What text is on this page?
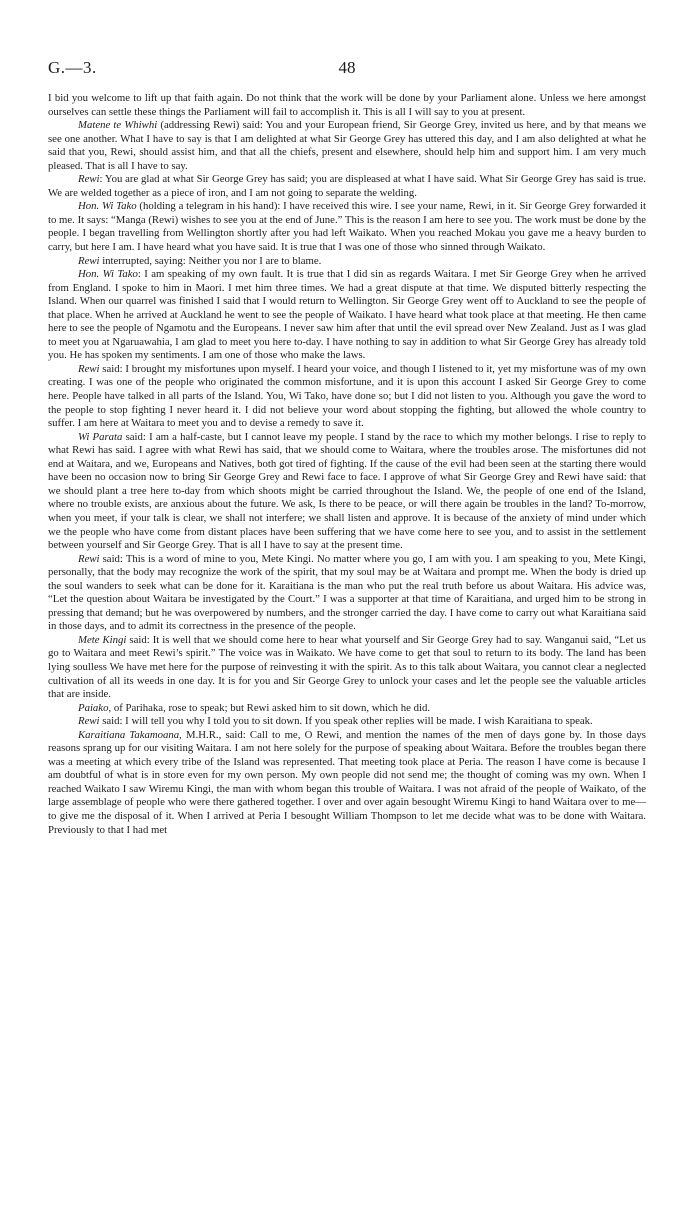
G.—3.	48

I bid you welcome to lift up that faith again. Do not think that the work will be done by your Parliament alone. Unless we here amongst ourselves can settle these things the Parliament will fail to accomplish it. This is all I will say to you at present.

Matene te Whiwhi (addressing Rewi) said: You and your European friend, Sir George Grey, invited us here, and by that means we see one another. What I have to say is that I am delighted at what Sir George Grey has uttered this day, and I am also delighted at what he said that you, Rewi, should assist him, and that all the chiefs, present and elsewhere, should help him and support him. I am very much pleased. That is all I have to say.

Rewi: You are glad at what Sir George Grey has said; you are displeased at what I have said. What Sir George Grey has said is true. We are welded together as a piece of iron, and I am not going to separate the welding.

Hon. Wi Tako (holding a telegram in his hand): I have received this wire. I see your name, Rewi, in it. Sir George Grey forwarded it to me. It says: “Manga (Rewi) wishes to see you at the end of June.” This is the reason I am here to see you. The work must be done by the people. I began travelling from Wellington shortly after you had left Waikato. When you reached Mokau you gave me a heavy burden to carry, but here I am. I have heard what you have said. It is true that I was one of those who sinned through Waikato.

Rewi interrupted, saying: Neither you nor I are to blame.

Hon. Wi Tako: I am speaking of my own fault. It is true that I did sin as regards Waitara. I met Sir George Grey when he arrived from England. I spoke to him in Maori. I met him three times. We had a great dispute at that time. We disputed bitterly respecting the Island. When our quarrel was finished I said that I would return to Wellington. Sir George Grey went off to Auckland to see the people of that place. When he arrived at Auckland he went to see the people of Waikato. I have heard what took place at that meeting. He then came here to see the people of Ngamotu and the Europeans. I never saw him after that until the evil spread over New Zealand. Just as I was glad to meet you at Ngaruawahia, I am glad to meet you here to-day. I have nothing to say in addition to what Sir George Grey has already told you. He has spoken my sentiments. I am one of those who make the laws.

Rewi said: I brought my misfortunes upon myself. I heard your voice, and though I listened to it, yet my misfortune was of my own creating. I was one of the people who originated the common misfortune, and it is upon this account I asked Sir George Grey to come here. People have talked in all parts of the Island. You, Wi Tako, have done so; but I did not listen to you. Although you gave the word to the people to stop fighting I never heard it. I did not believe your word about stopping the fighting, but allowed the whole country to suffer. I am here at Waitara to meet you and to devise a remedy to save it.

Wi Parata said: I am a half-caste, but I cannot leave my people. I stand by the race to which my mother belongs. I rise to reply to what Rewi has said. I agree with what Rewi has said, that we should come to Waitara, where the troubles arose. The misfortunes did not end at Waitara, and we, Europeans and Natives, both got tired of fighting. If the cause of the evil had been seen at the starting there would have been no occasion now to bring Sir George Grey and Rewi face to face. I approve of what Sir George Grey and Rewi have said: that we should plant a tree here to-day from which shoots might be carried throughout the Island. We, the people of one end of the Island, where no trouble exists, are anxious about the future. We ask, Is there to be peace, or will there again be troubles in the land? To-morrow, when you meet, if your talk is clear, we shall not interfere; we shall listen and approve. It is because of the anxiety of mind under which we the people who have come from distant places have been suffering that we have come here to see you, and to assist in the settlement between yourself and Sir George Grey. That is all I have to say at the present time.

Rewi said: This is a word of mine to you, Mete Kingi. No matter where you go, I am with you. I am speaking to you, Mete Kingi, personally, that the body may recognize the work of the spirit, that my soul may be at Waitara and prompt me. When the body is dried up the soul wanders to seek what can be done for it. Karaitiana is the man who put the real truth before us about Waitara. His advice was, “Let the question about Waitara be investigated by the Court.” I was a supporter at that time of Karaitiana, and urged him to be strong in pressing that demand; but he was overpowered by numbers, and the stronger carried the day. I have come to carry out what Karaitiana said in those days, and to admit its correctness in the presence of the people.

Mete Kingi said: It is well that we should come here to hear what yourself and Sir George Grey had to say. Wanganui said, “Let us go to Waitara and meet Rewi’s spirit.” The voice was in Waikato. We have come to get that soul to return to its body. The land has been lying soulless We have met here for the purpose of reinvesting it with the spirit. As to this talk about Waitara, you cannot clear a neglected cultivation of all its weeds in one day. It is for you and Sir George Grey to unlock your cases and let the people see the valuable articles that are inside.

Paiako, of Parihaka, rose to speak; but Rewi asked him to sit down, which he did.

Rewi said: I will tell you why I told you to sit down. If you speak other replies will be made. I wish Karaitiana to speak.

Karaitiana Takamoana, M.H.R., said: Call to me, O Rewi, and mention the names of the men of days gone by. In those days reasons sprang up for our visiting Waitara. I am not here solely for the purpose of speaking about Waitara. Before the troubles began there was a meeting at which every tribe of the Island was represented. That meeting took place at Peria. The reason I have come is because I am doubtful of what is in store even for my own person. My own people did not send me; the thought of coming was my own. When I reached Waikato I saw Wiremu Kingi, the man with whom began this trouble of Waitara. I was not afraid of the people of Waikato, of the large assemblage of people who were there gathered together. I over and over again besought Wiremu Kingi to hand Waitara over to me—to give me the disposal of it. When I arrived at Peria I besought William Thompson to let me decide what was to be done with Waitara. Previously to that I had met
